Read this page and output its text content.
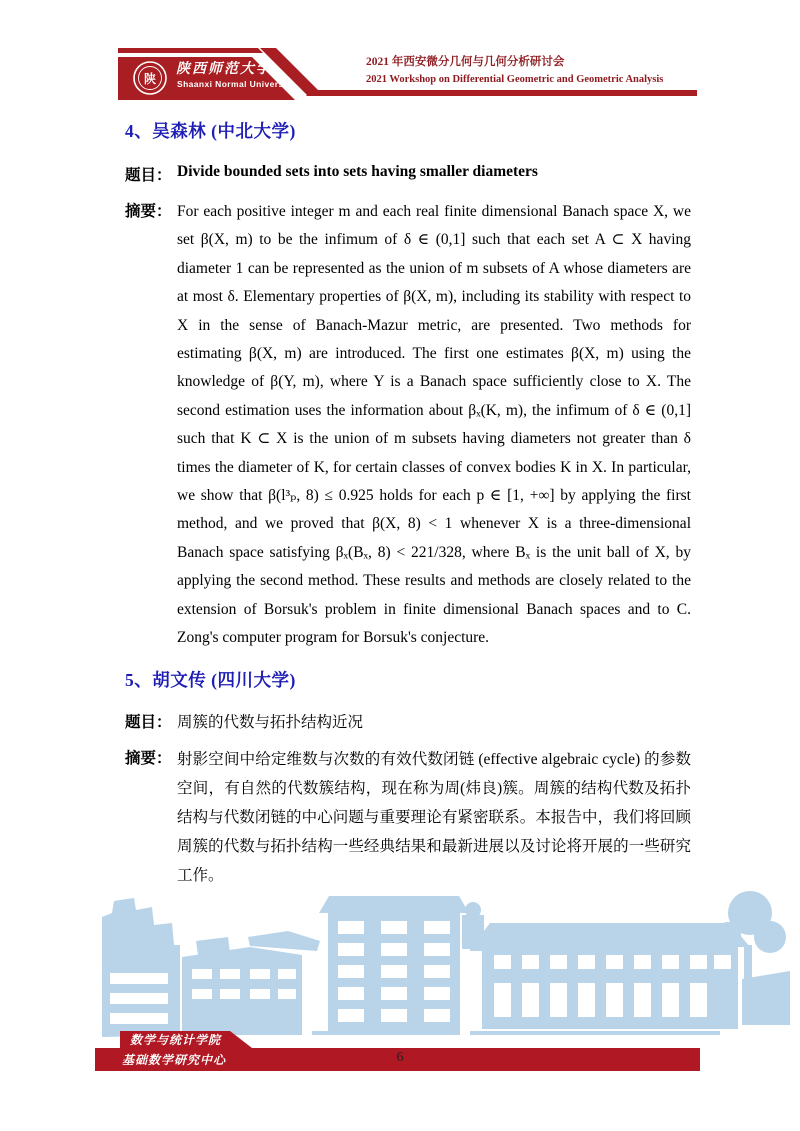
陕
陕西师范大学
Shaanxi Normal University
2021 年西安微分几何与几何分析研讨会
2021 Workshop on Differential Geometric and Geometric Analysis
4、吴森林 (中北大学)
题目： Divide bounded sets into sets having smaller diameters
摘要： For each positive integer m and each real finite dimensional Banach space X, we set β(X, m) to be the infimum of δ ∈ (0,1] such that each set A ⊂ X having diameter 1 can be represented as the union of m subsets of A whose diameters are at most δ. Elementary properties of β(X, m), including its stability with respect to X in the sense of Banach-Mazur metric, are presented. Two methods for estimating β(X, m) are introduced. The first one estimates β(X, m) using the knowledge of β(Y, m), where Y is a Banach space sufficiently close to X. The second estimation uses the information about βₓ(K, m), the infimum of δ ∈ (0,1] such that K ⊂ X is the union of m subsets having diameters not greater than δ times the diameter of K, for certain classes of convex bodies K in X. In particular, we show that β(l³ₚ, 8) ≤ 0.925 holds for each p ∈ [1, +∞] by applying the first method, and we proved that β(X, 8) < 1 whenever X is a three-dimensional Banach space satisfying βₓ(Bₓ, 8) < 221/328, where Bₓ is the unit ball of X, by applying the second method. These results and methods are closely related to the extension of Borsuk's problem in finite dimensional Banach spaces and to C. Zong's computer program for Borsuk's conjecture.
5、胡文传 (四川大学)
题目： 周簇的代数与拓扑结构近况
摘要： 射影空间中给定维数与次数的有效代数闭链 (effective algebraic cycle) 的参数空间，有自然的代数簇结构，现在称为周(炜良)簇。周簇的结构代数及拓扑结构与代数闭链的中心问题与重要理论有紧密联系。本报告中，我们将回顾周簇的代数与拓扑结构一些经典结果和最新进展以及讨论将开展的一些研究工作。
数学与统计学院
基础数学研究中心	6
